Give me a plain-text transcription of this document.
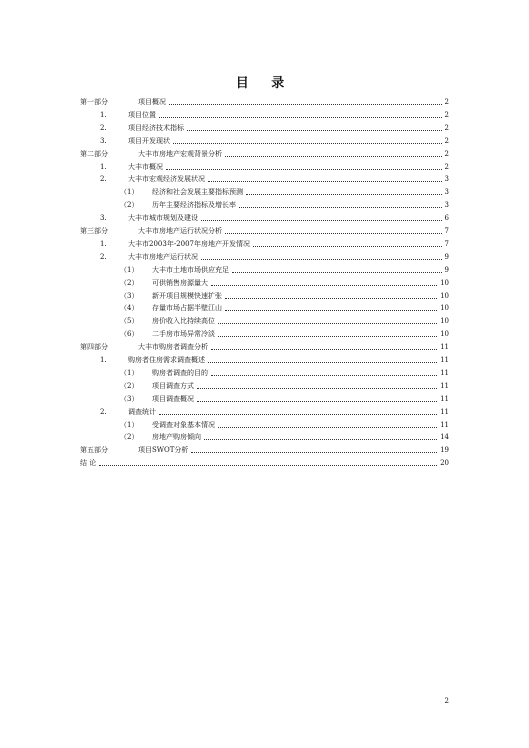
目 录
第一部分	项目概况	2
1.	项目位置	2
2.	项目经济技术指标	2
3.	项目开发现状	2
第二部分	大丰市房地产宏观背景分析	2
1.	大丰市概况	2
2.	大丰市宏观经济发展状况	3
（1） 经济和社会发展主要指标预测	3
（2） 历年主要经济指标及增长率	3
3.	大丰市城市规划及建设	6
第三部分	大丰市房地产运行状况分析	7
1.	大丰市2003年-2007年房地产开发情况	7
2.	大丰市房地产运行状况	9
（1） 大丰市土地市场供应充足	9
（2） 可供销售房源量大	10
（3） 新开项目规模快速扩张	10
（4） 存量市场占据半壁江山	10
（5） 房价收入比持续高位	10
（6） 二手房市场异常冷淡	10
第四部分	大丰市购房者调查分析	11
1.	购房者住房需求调查概述	11
（1） 购房者调查的目的	11
（2） 项目调查方式	11
（3） 项目调查概况	11
2.	调查统计	11
（1） 受调查对象基本情况	11
（2） 房地产购房倾向	14
第五部分	项目SWOT分析	19
结 论	20
2
